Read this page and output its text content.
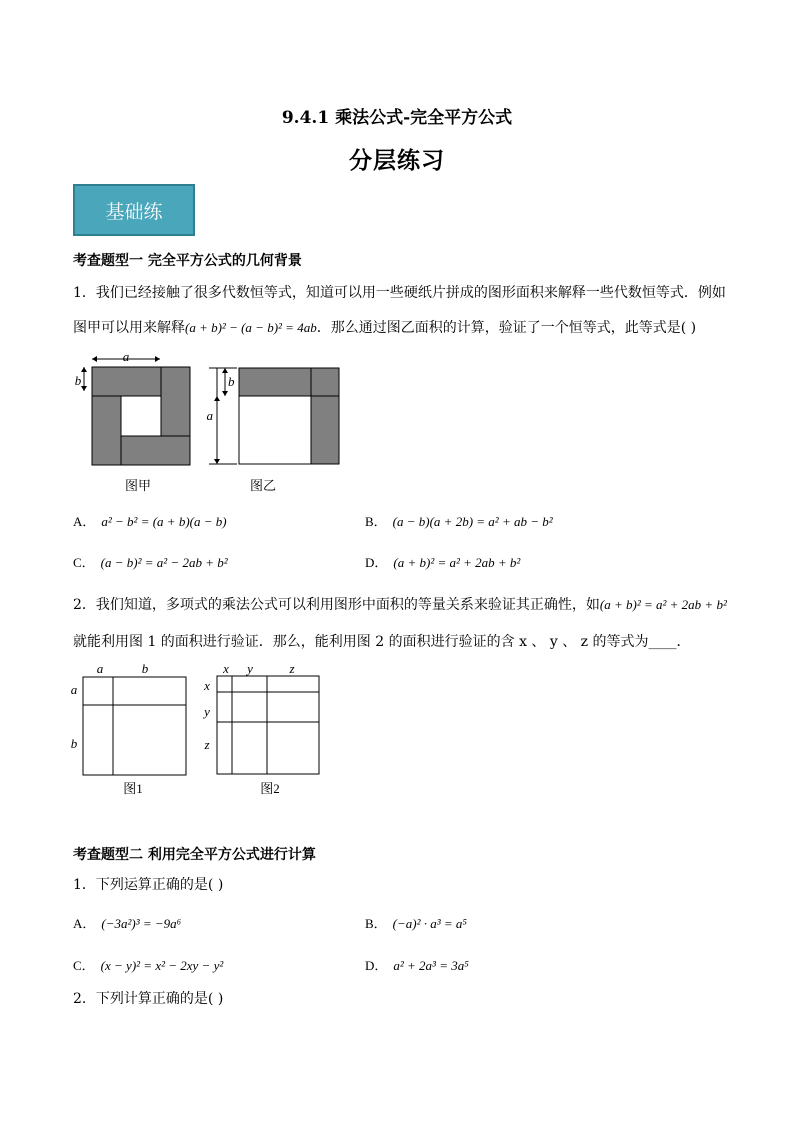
9.4.1 乘法公式-完全平方公式
分层练习
基础练
考查题型一 完全平方公式的几何背景
1．我们已经接触了很多代数恒等式，知道可以用一些硬纸片拼成的图形面积来解释一些代数恒等式．例如
图甲可以用来解释(a + b)² − (a − b)² = 4ab．那么通过图乙面积的计算，验证了一个恒等式，此等式是( )
a
b
图甲
b
a
图乙
A． a² − b² = (a + b)(a − b)	B． (a − b)(a + 2b) = a² + ab − b²
C． (a − b)² = a² − 2ab + b²	D． (a + b)² = a² + 2ab + b²
2．我们知道，多项式的乘法公式可以利用图形中面积的等量关系来验证其正确性，如(a + b)² = a² + 2ab + b²
就能利用图 1 的面积进行验证．那么，能利用图 2 的面积进行验证的含 x 、 y 、 z 的等式为____．
a	b
a
b
图1
x y	z
x
y
z
图2
考查题型二 利用完全平方公式进行计算
1．下列运算正确的是( )
A． (−3a²)³ = −9a⁶	B． (−a)² · a³ = a⁵
C． (x − y)² = x² − 2xy − y²	D． a² + 2a³ = 3a⁵
2．下列计算正确的是( )
